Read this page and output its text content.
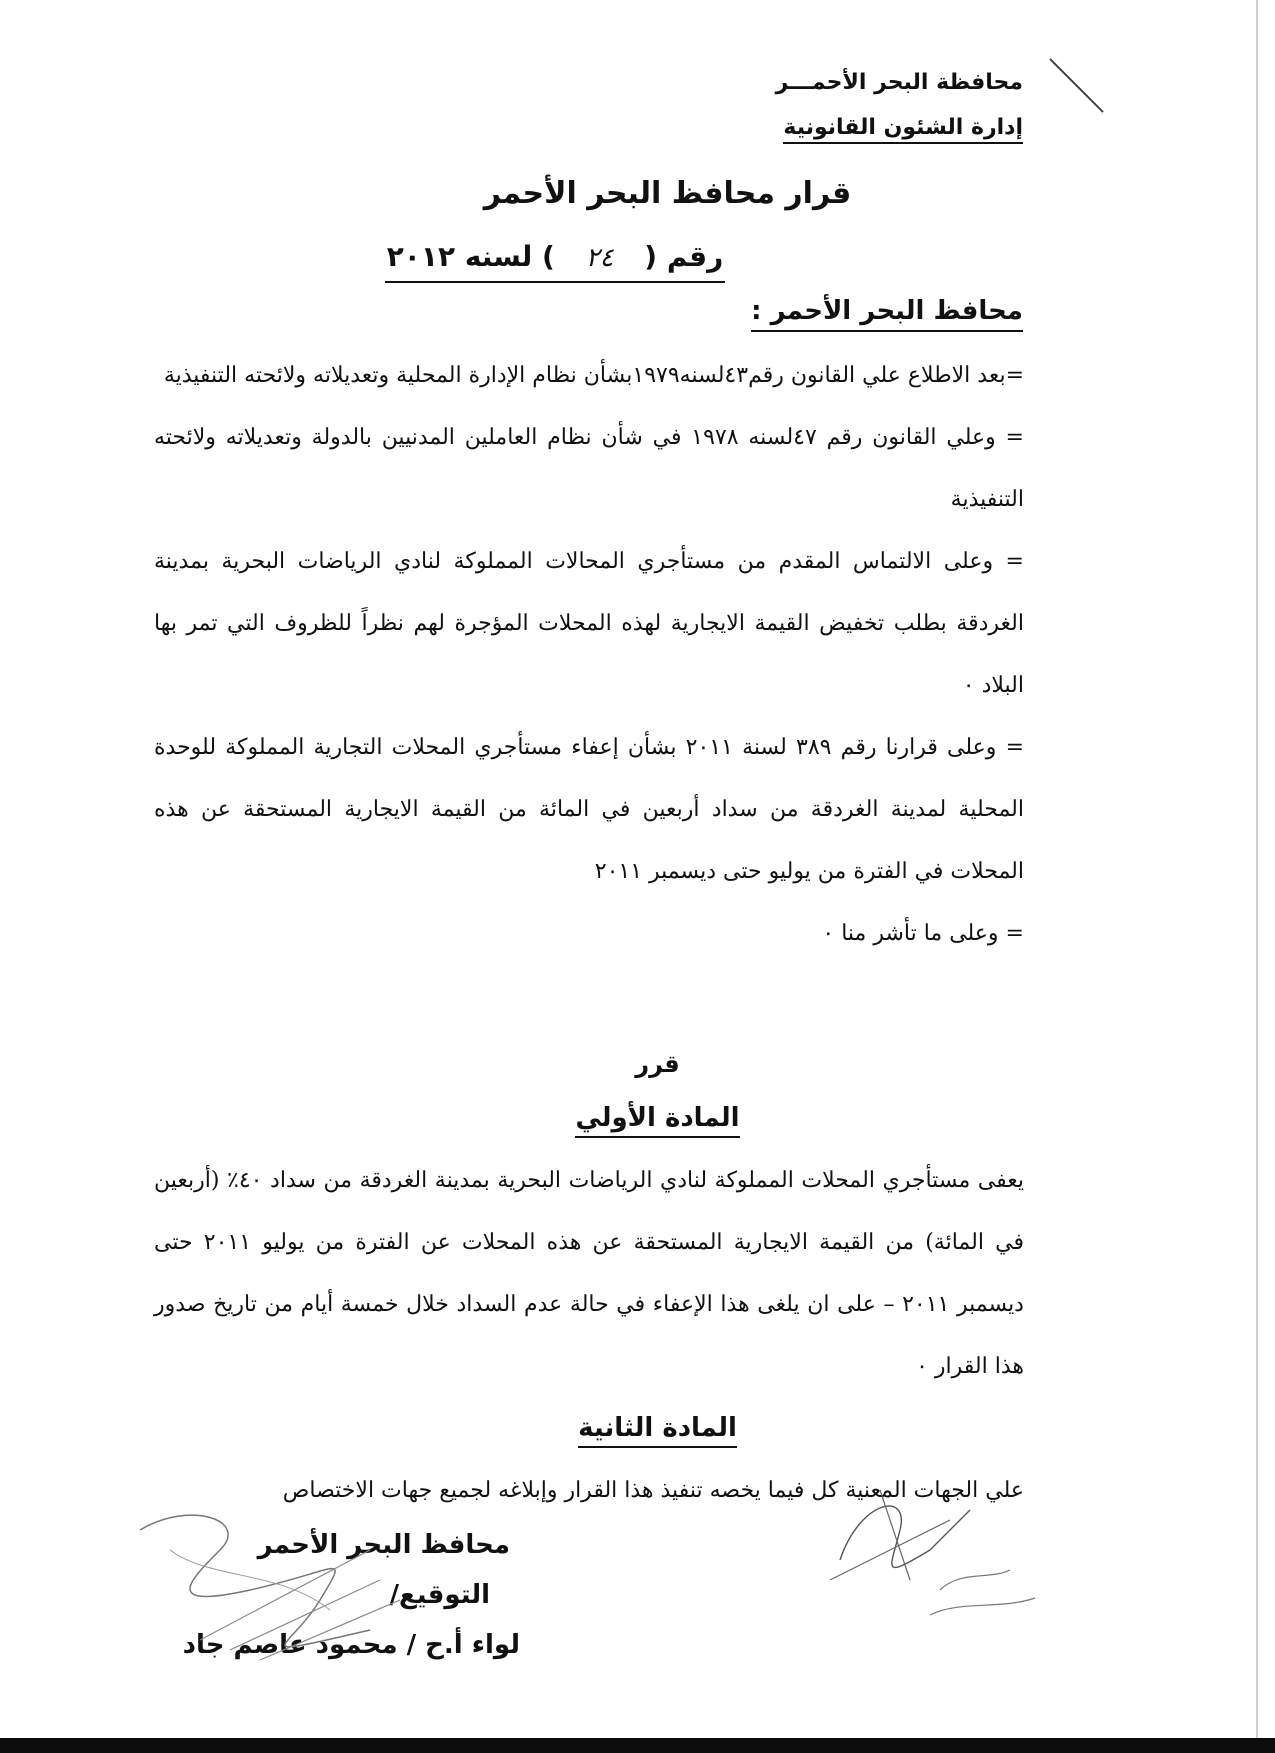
محافظة البحر الأحمـــر
إدارة الشئون القانونية
قرار محافظ البحر الأحمر
رقم ( ٢٤ ) لسنه ٢٠١٢
محافظ البحر الأحمر :

=بعد الاطلاع علي القانون رقم٤٣لسنه١٩٧٩بشأن نظام الإدارة المحلية وتعديلاته ولائحته التنفيذية

= وعلي القانون رقم ٤٧لسنه ١٩٧٨ في شأن نظام العاملين المدنيين بالدولة وتعديلاته ولائحته التنفيذية

= وعلى الالتماس المقدم من مستأجري المحالات المملوكة لنادي الرياضات البحرية بمدينة الغردقة بطلب تخفيض القيمة الايجارية لهذه المحلات المؤجرة لهم نظراً للظروف التي تمر بها البلاد ٠

= وعلى قرارنا رقم ٣٨٩ لسنة ٢٠١١ بشأن إعفاء مستأجري المحلات التجارية المملوكة للوحدة المحلية لمدينة الغردقة من سداد أربعين في المائة من القيمة الايجارية المستحقة عن هذه المحلات في الفترة من يوليو حتى ديسمبر ٢٠١١

= وعلى ما تأشر منا ٠

قرر
المادة الأولي

يعفى مستأجري المحلات المملوكة لنادي الرياضات البحرية بمدينة الغردقة من سداد ٤٠٪ (أربعين في المائة) من القيمة الايجارية المستحقة عن هذه المحلات عن الفترة من يوليو ٢٠١١ حتى ديسمبر ٢٠١١ – على ان يلغى هذا الإعفاء في حالة عدم السداد خلال خمسة أيام من تاريخ صدور هذا القرار ٠

المادة الثانية

علي الجهات المعنية كل فيما يخصه تنفيذ هذا القرار وإبلاغه لجميع جهات الاختصاص

محافظ البحر الأحمر
التوقيع/
لواء أ.ح / محمود عاصم جاد
